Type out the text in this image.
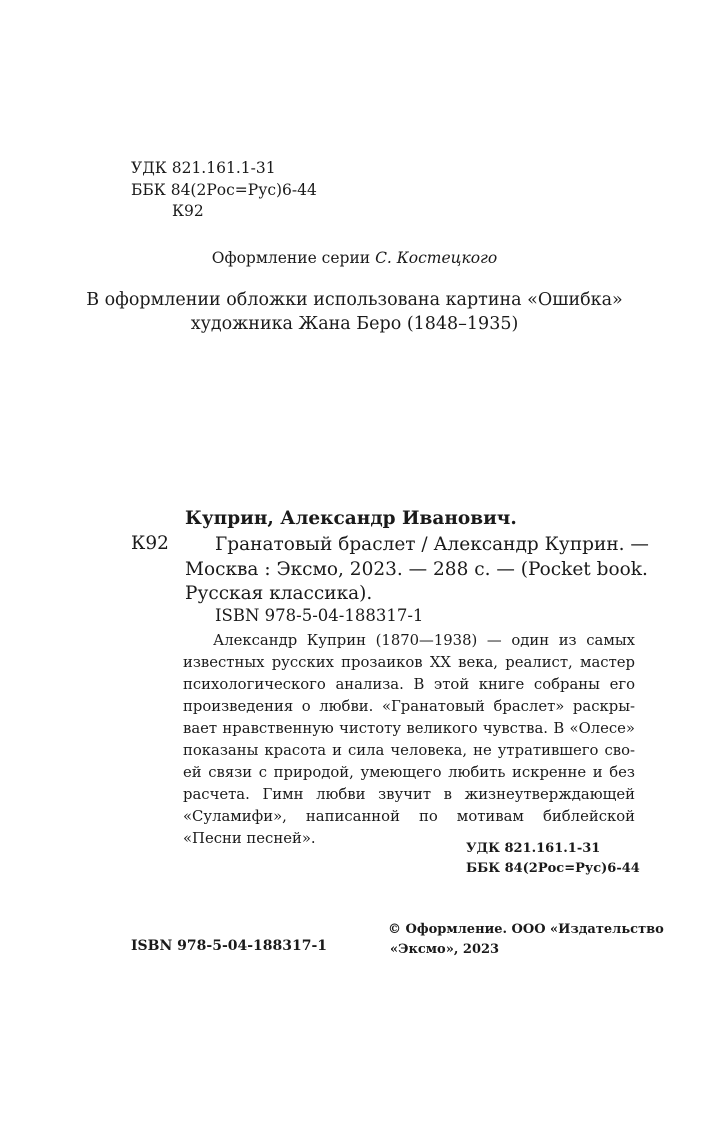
УДК 821.161.1-31
ББК 84(2Рос=Рус)6-44
К92
Оформление серии С. Костецкого
В оформлении обложки использована картина «Ошибка»
художника Жана Беро (1848–1935)
Куприн, Александр Иванович.
К92	Гранатовый браслет / Александр Куприн. —
Москва : Эксмо, 2023. — 288 с. — (Pocket book.
Русская классика).
ISBN 978-5-04-188317-1
Александр Куприн (1870—1938) — один из самых
известных русских прозаиков XX века, реалист, мастер
психологического анализа. В этой книге собраны его
произведения о любви. «Гранатовый браслет» раскры-
вает нравственную чистоту великого чувства. В «Олесе»
показаны красота и сила человека, не утратившего сво-
ей связи с природой, умеющего любить искренне и без
расчета. Гимн любви звучит в жизнеутверждающей
«Суламифи», написанной по мотивам библейской
«Песни песней».
УДК 821.161.1-31
ББК 84(2Рос=Рус)6-44
ISBN 978-5-04-188317-1
© Оформление. ООО «Издательство
«Эксмо», 2023
